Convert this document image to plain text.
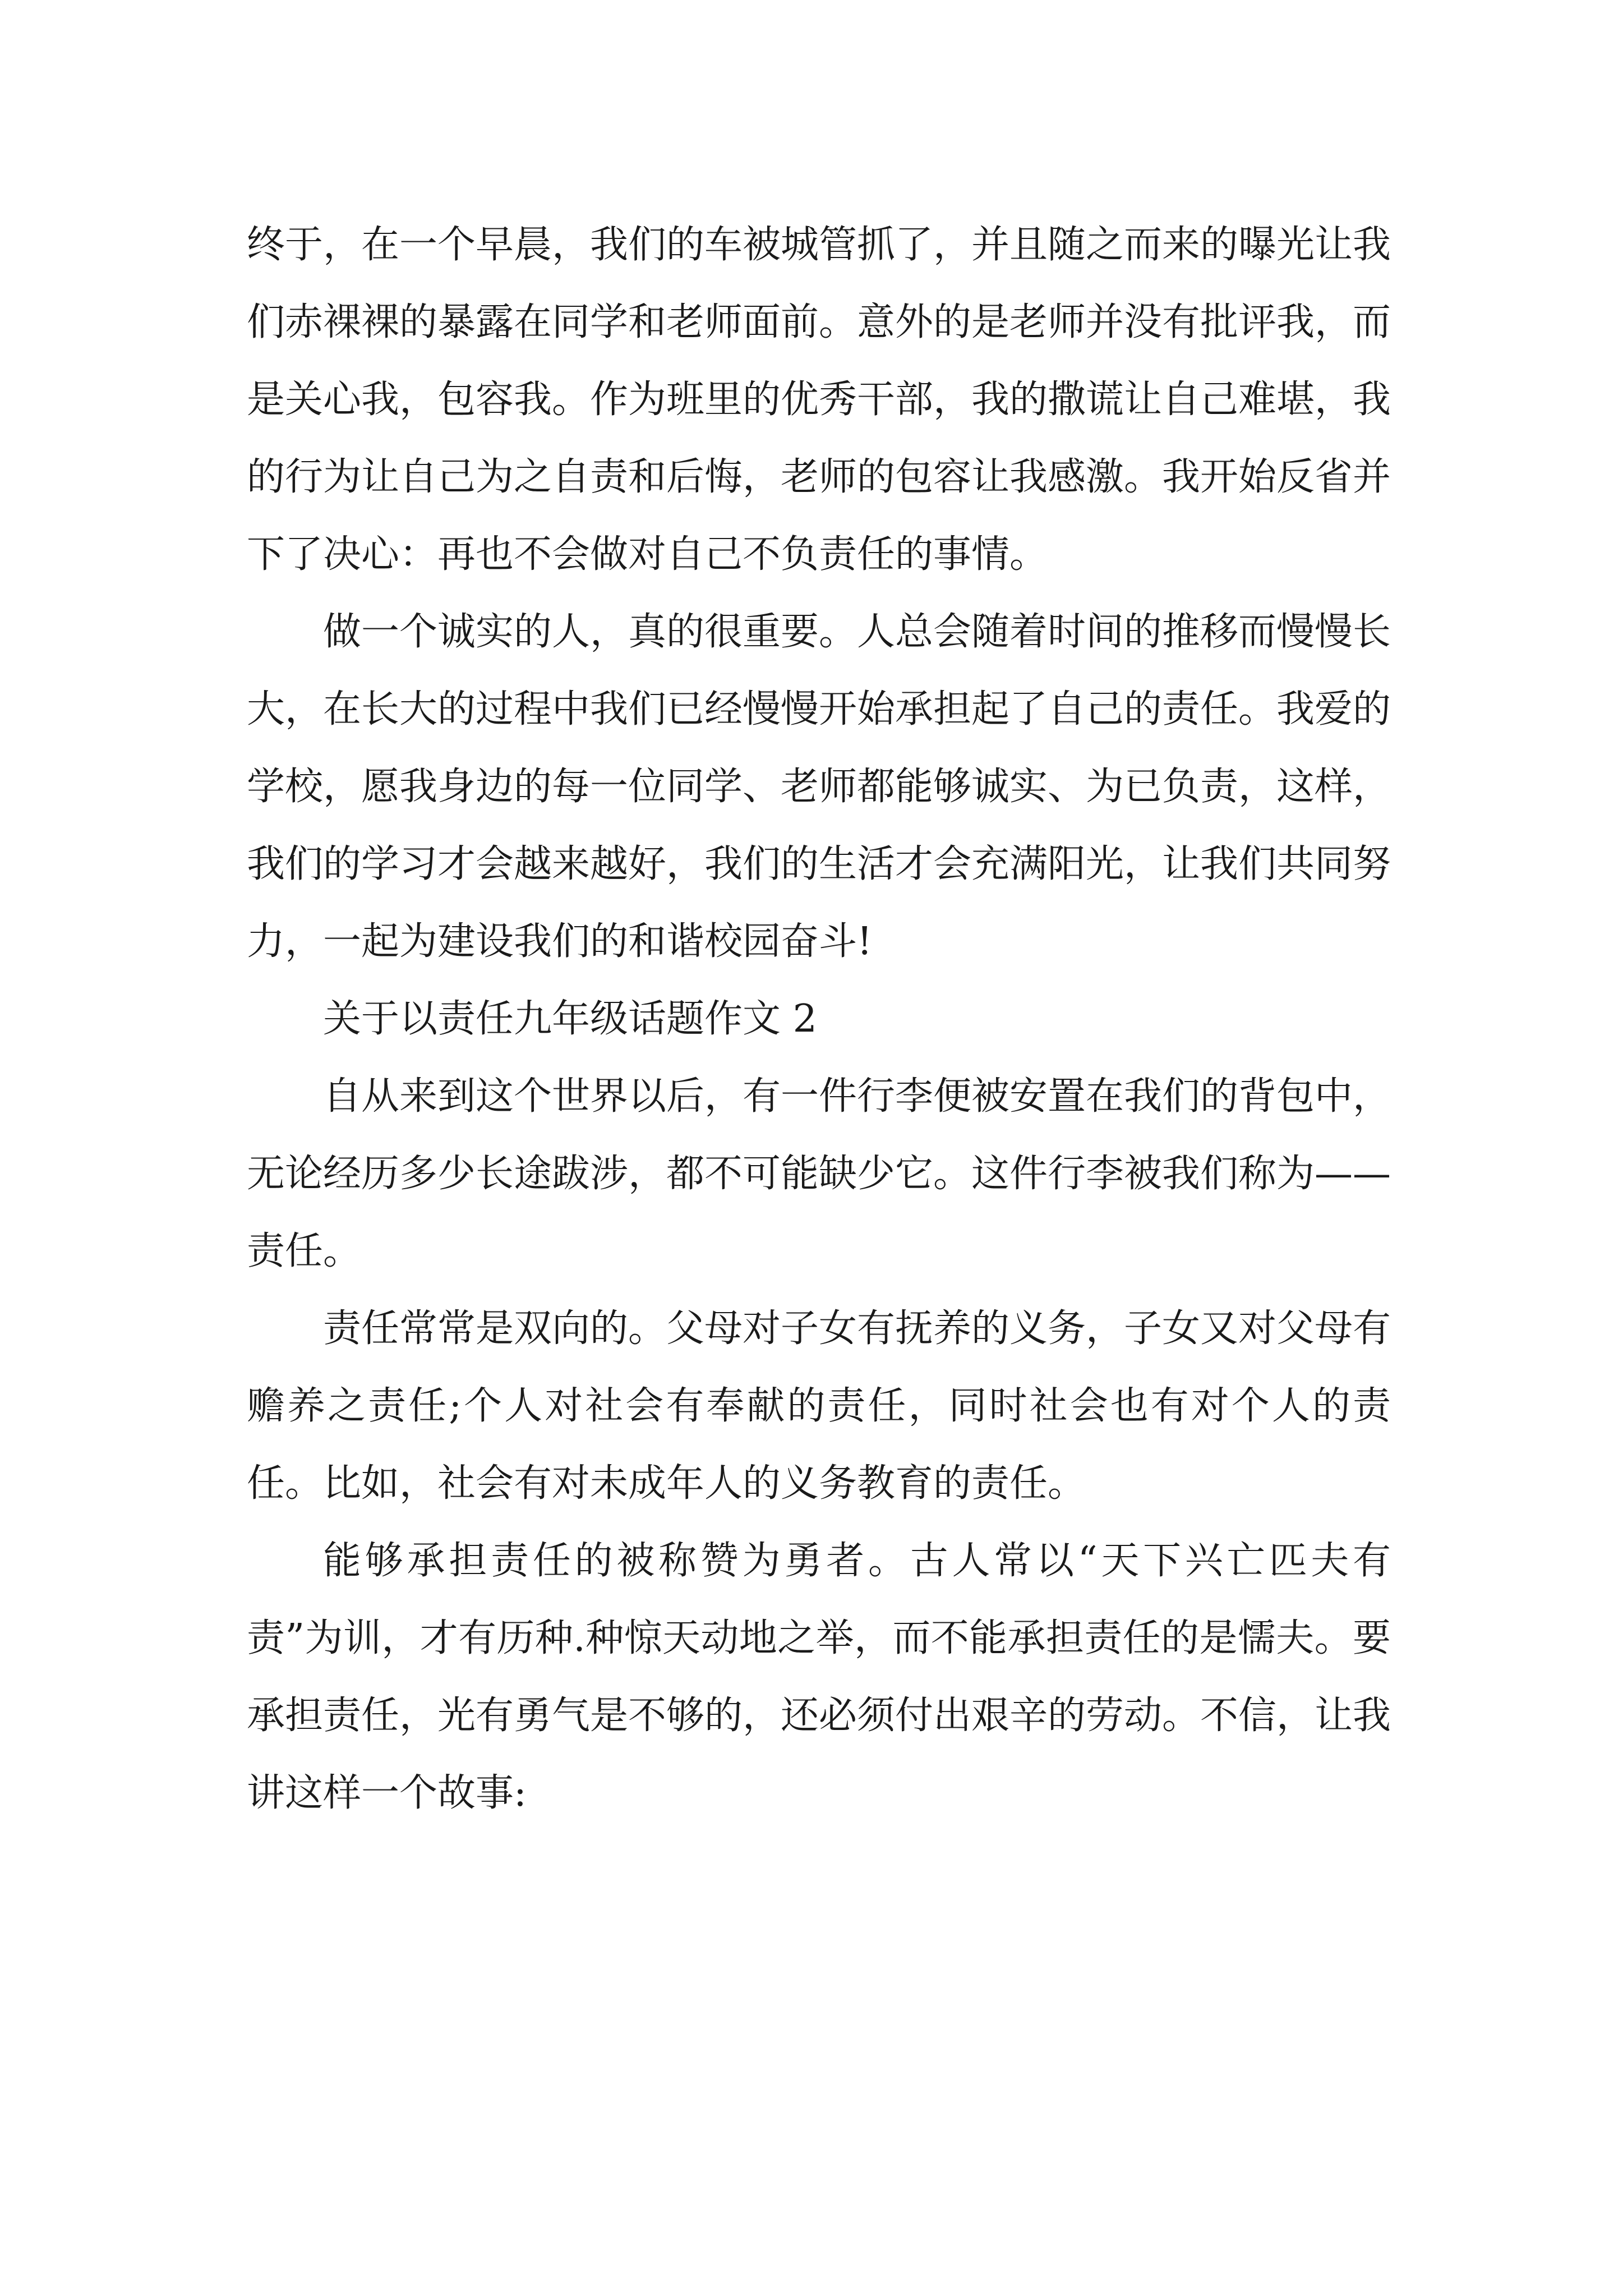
终于，在一个早晨，我们的车被城管抓了，并且随之而来的曝光让我们赤裸裸的暴露在同学和老师面前。意外的是老师并没有批评我，而是关心我，包容我。作为班里的优秀干部，我的撒谎让自己难堪，我的行为让自己为之自责和后悔，老师的包容让我感激。我开始反省并下了决心：再也不会做对自己不负责任的事情。

做一个诚实的人，真的很重要。人总会随着时间的推移而慢慢长大，在长大的过程中我们已经慢慢开始承担起了自己的责任。我爱的学校，愿我身边的每一位同学、老师都能够诚实、为已负责，这样，我们的学习才会越来越好，我们的生活才会充满阳光，让我们共同努力，一起为建设我们的和谐校园奋斗!

关于以责任九年级话题作文 2

自从来到这个世界以后，有一件行李便被安置在我们的背包中，无论经历多少长途跋涉，都不可能缺少它。这件行李被我们称为——责任。

责任常常是双向的。父母对子女有抚养的义务，子女又对父母有赡养之责任;个人对社会有奉献的责任，同时社会也有对个人的责任。比如，社会有对未成年人的义务教育的责任。

能够承担责任的被称赞为勇者。古人常以“天下兴亡匹夫有责”为训，才有历种.种惊天动地之举，而不能承担责任的是懦夫。要承担责任，光有勇气是不够的，还必须付出艰辛的劳动。不信，让我讲这样一个故事:
